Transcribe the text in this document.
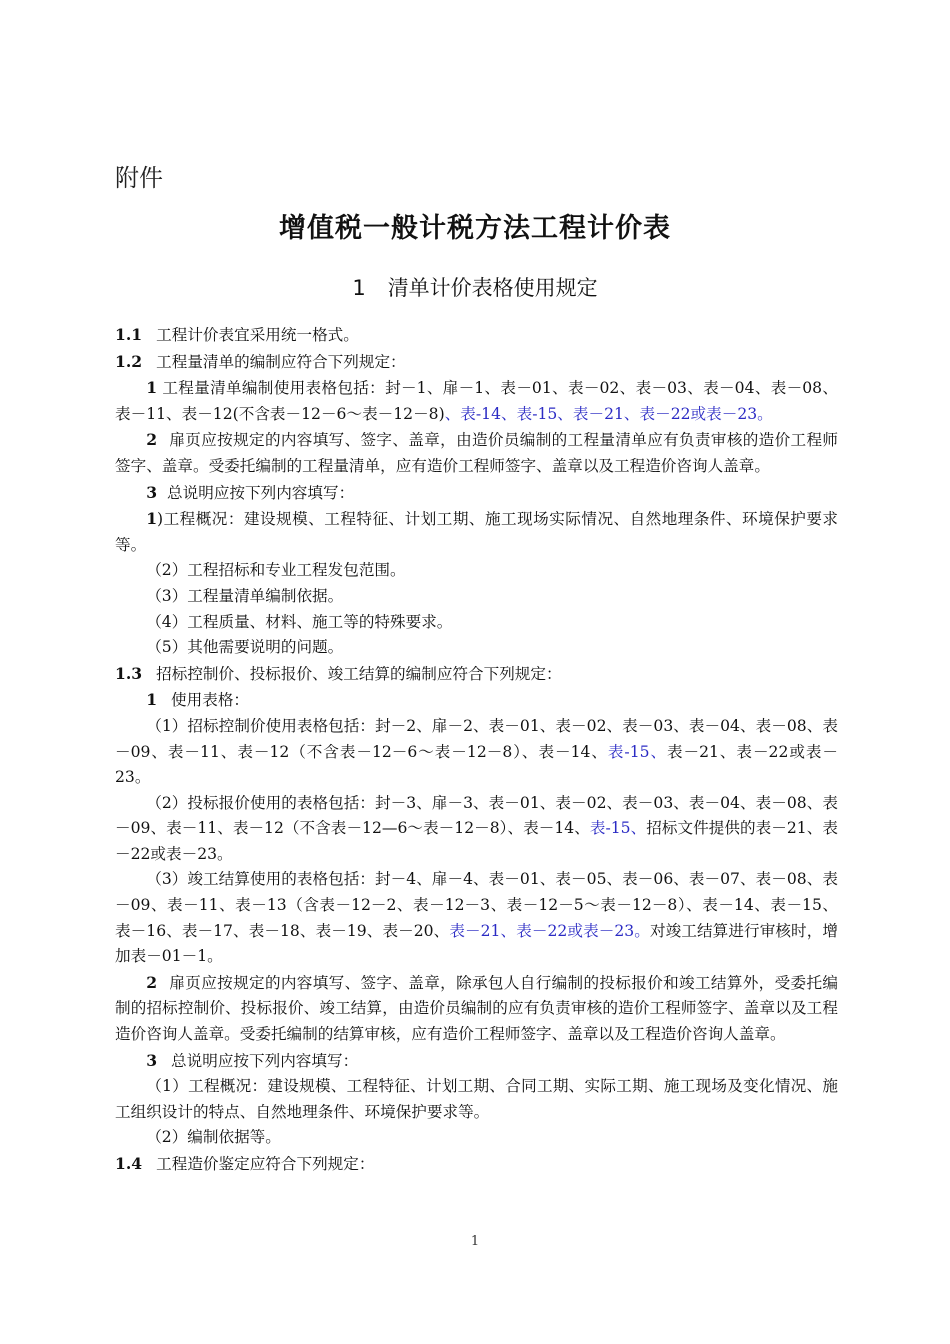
附件
增值税一般计税方法工程计价表
1 清单计价表格使用规定

1.1 工程计价表宜采用统一格式。

1.2 工程量清单的编制应符合下列规定：

1 工程量清单编制使用表格包括：封－1、扉－1、表－01、表－02、表－03、表－04、表－08、表－11、表－12(不含表－12－6～表－12－8)、表-14、表-15、表－21、表－22或表－23。

2 扉页应按规定的内容填写、签字、盖章，由造价员编制的工程量清单应有负责审核的造价工程师签字、盖章。受委托编制的工程量清单，应有造价工程师签字、盖章以及工程造价咨询人盖章。

3 总说明应按下列内容填写：

1)工程概况：建设规模、工程特征、计划工期、施工现场实际情况、自然地理条件、环境保护要求等。

（2）工程招标和专业工程发包范围。

（3）工程量清单编制依据。

（4）工程质量、材料、施工等的特殊要求。

（5）其他需要说明的问题。

1.3 招标控制价、投标报价、竣工结算的编制应符合下列规定：

1 使用表格：

（1）招标控制价使用表格包括：封－2、扉－2、表－01、表－02、表－03、表－04、表－08、表－09、表－11、表－12（不含表－12－6～表－12－8）、表－14、表-15、表－21、表－22或表－23。

（2）投标报价使用的表格包括：封－3、扉－3、表－01、表－02、表－03、表－04、表－08、表－09、表－11、表－12（不含表－12—6～表－12－8）、表－14、表-15、招标文件提供的表－21、表－22或表－23。

（3）竣工结算使用的表格包括：封－4、扉－4、表－01、表－05、表－06、表－07、表－08、表－09、表－11、表－13（含表－12－2、表－12－3、表－12－5～表－12－8）、表－14、表－15、表－16、表－17、表－18、表－19、表－20、表－21、表－22或表－23。对竣工结算进行审核时，增加表－01－1。

2 扉页应按规定的内容填写、签字、盖章，除承包人自行编制的投标报价和竣工结算外，受委托编制的招标控制价、投标报价、竣工结算，由造价员编制的应有负责审核的造价工程师签字、盖章以及工程造价咨询人盖章。受委托编制的结算审核，应有造价工程师签字、盖章以及工程造价咨询人盖章。

3 总说明应按下列内容填写：

（1）工程概况：建设规模、工程特征、计划工期、合同工期、实际工期、施工现场及变化情况、施工组织设计的特点、自然地理条件、环境保护要求等。

（2）编制依据等。

1.4 工程造价鉴定应符合下列规定：

1
